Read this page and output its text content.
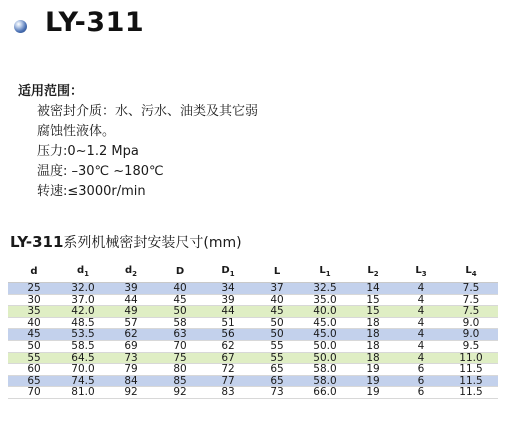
LY-311
适用范围：
被密封介质：水、污水、油类及其它弱
腐蚀性液体。
压力:0~1.2 Mpa
温度: –30℃ ~180℃
转速:≤3000r/min
LY-311系列机械密封安装尺寸(mm)
d	$d_1$	$d_2$	D	$D_1$	L	$L_1$	$L_2$	$L_3$	$L_4$
25	32.0	39	40	34	37	32.5	14	4	7.5
30	37.0	44	45	39	40	35.0	15	4	7.5
35	42.0	49	50	44	45	40.0	15	4	7.5
40	48.5	57	58	51	50	45.0	18	4	9.0
45	53.5	62	63	56	50	45.0	18	4	9.0
50	58.5	69	70	62	55	50.0	18	4	9.5
55	64.5	73	75	67	55	50.0	18	4	11.0
60	70.0	79	80	72	65	58.0	19	6	11.5
65	74.5	84	85	77	65	58.0	19	6	11.5
70	81.0	92	92	83	73	66.0	19	6	11.5
